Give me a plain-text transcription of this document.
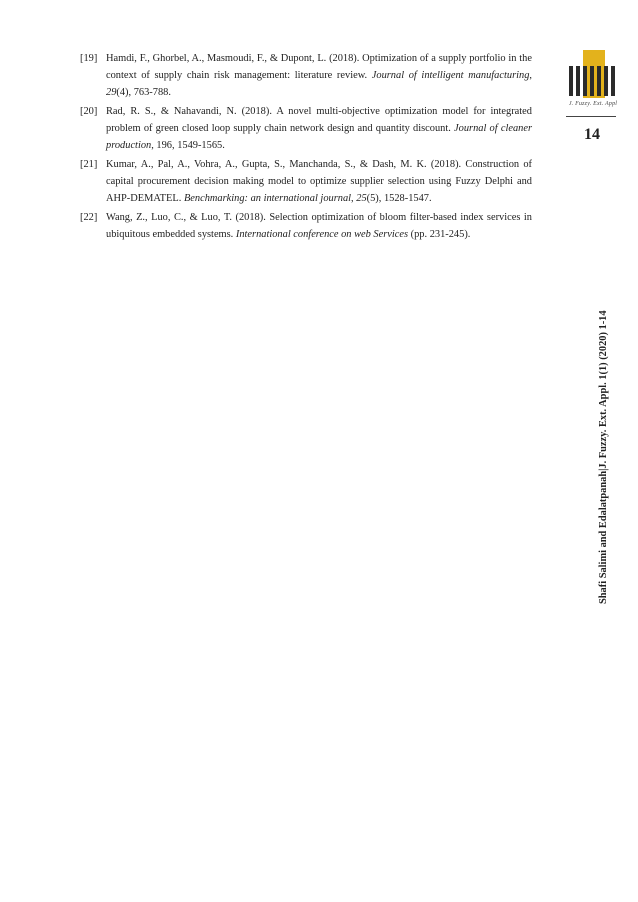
[19] Hamdi, F., Ghorbel, A., Masmoudi, F., & Dupont, L. (2018). Optimization of a supply portfolio in the context of supply chain risk management: literature review. Journal of intelligent manufacturing, 29(4), 763-788.
[20] Rad, R. S., & Nahavandi, N. (2018). A novel multi-objective optimization model for integrated problem of green closed loop supply chain network design and quantity discount. Journal of cleaner production, 196, 1549-1565.
[21] Kumar, A., Pal, A., Vohra, A., Gupta, S., Manchanda, S., & Dash, M. K. (2018). Construction of capital procurement decision making model to optimize supplier selection using Fuzzy Delphi and AHP-DEMATEL. Benchmarking: an international journal, 25(5), 1528-1547.
[22] Wang, Z., Luo, C., & Luo, T. (2018). Selection optimization of bloom filter-based index services in ubiquitous embedded systems. International conference on web Services (pp. 231-245).
J. Fuzzy. Ext. Appl
14
Shafi Salimi and Edalatpanah|J. Fuzzy. Ext. Appl. 1(1) (2020) 1-14
